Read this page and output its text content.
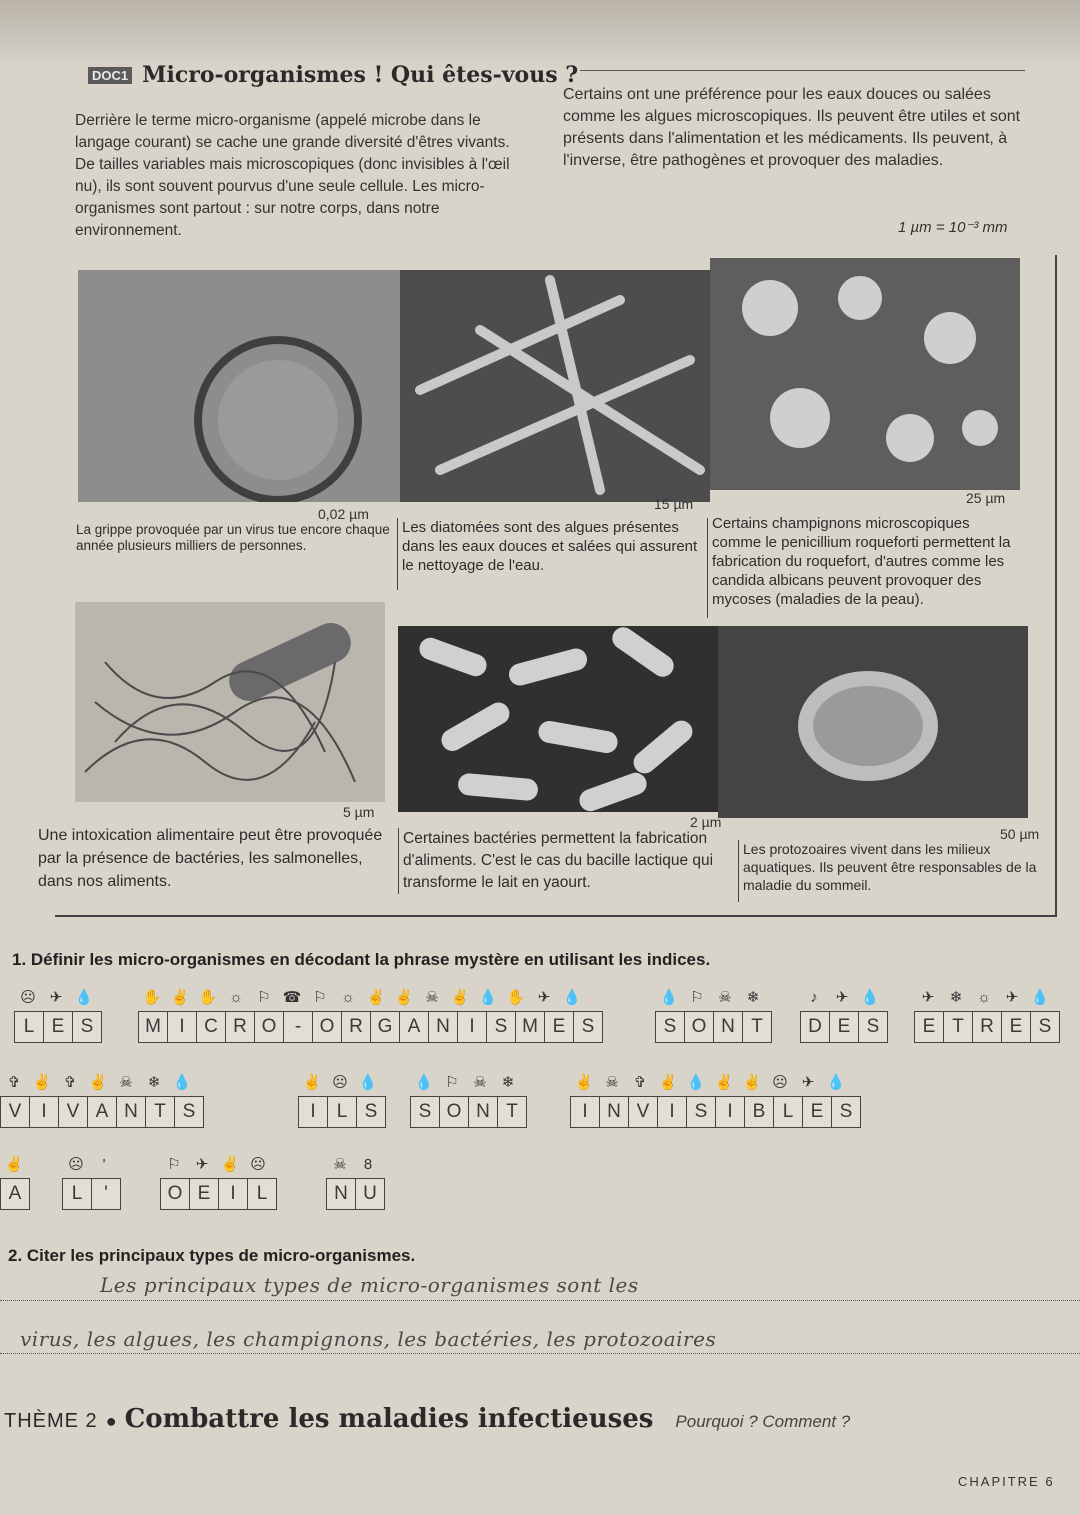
DOC1 Micro-organismes ! Qui êtes-vous ?
Derrière le terme micro-organisme (appelé microbe dans le langage courant) se cache une grande diversité d'êtres vivants. De tailles variables mais microscopiques (donc invisibles à l'œil nu), ils sont souvent pourvus d'une seule cellule. Les micro-organismes sont partout : sur notre corps, dans notre environnement.
Certains ont une préférence pour les eaux douces ou salées comme les algues microscopiques. Ils peuvent être utiles et sont présents dans l'alimentation et les médicaments. Ils peuvent, à l'inverse, être pathogènes et provoquer des maladies.
1 µm = 10⁻³ mm
0,02 µm
15 µm	25 µm
La grippe provoquée par un virus tue encore chaque année plusieurs milliers de personnes.
Les diatomées sont des algues présentes dans les eaux douces et salées qui assurent le nettoyage de l'eau.
Certains champignons microscopiques comme le penicillium roqueforti permettent la fabrication du roquefort, d'autres comme les candida albicans peuvent provoquer des mycoses (maladies de la peau).
5 µm
2 µm
50 µm
Une intoxication alimentaire peut être provoquée par la présence de bactéries, les salmonelles, dans nos aliments.
Certaines bactéries permettent la fabrication d'aliments. C'est le cas du bacille lactique qui transforme le lait en yaourt.
Les protozoaires vivent dans les milieux aquatiques. Ils peuvent être responsables de la maladie du sommeil.
1. Définir les micro-organismes en décodant la phrase mystère en utilisant les indices.
☹ ✈ 💧
L E S
✋ ✌ ✋ ☼ ⚐ ☎ ⚐ ☼ ✌ ✌ ☠ ✌ 💧 ✋ ✈ 💧
M I	C R O - O R G A N	I	S M E S
💧 ⚐ ☠ ❄
S O N T
♪	✈ 💧
D E S
✈	❄ ☼ ✈ 💧
E T R E S
✞ ✌ ✞ ✌ ☠ ❄ 💧
V	I	V A N T S
✌ ☹ 💧
I	L S
💧 ⚐ ☠ ❄
S O N T
✌ ☠ ✞ ✌ 💧 ✌ ✌ ☹ ✈ 💧
I	N V	I	S	I	B L E S
✌
A
☹	'
L	'
⚐ ✈ ✌ ☹
O E	I	L
☠	8
N U
2. Citer les principaux types de micro-organismes.
Les principaux types de micro-organismes sont les
virus, les algues, les champignons, les bactéries, les protozoaires
THÈME 2 ● Combattre les maladies infectieuses Pourquoi ? Comment ?
CHAPITRE 6
